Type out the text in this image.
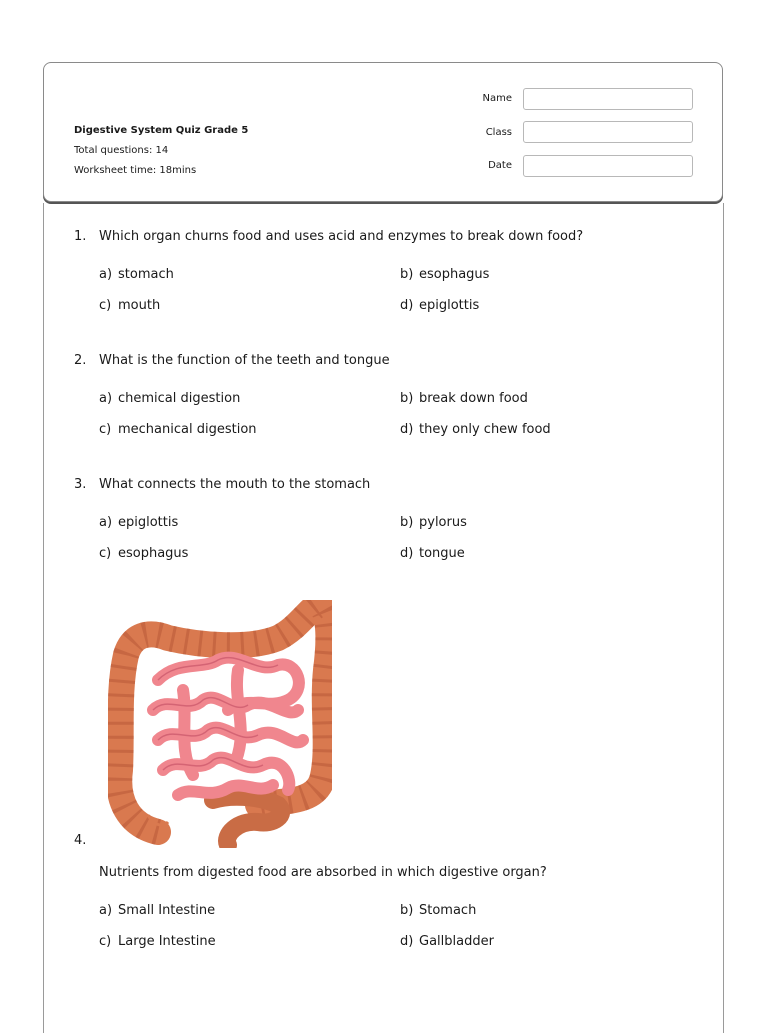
Digestive System Quiz Grade 5
Total questions: 14
Worksheet time: 18mins
Name
Class
Date
1. Which organ churns food and uses acid and enzymes to break down food?
a) stomach	b) esophagus
c) mouth	d) epiglottis
2. What is the function of the teeth and tongue
a) chemical digestion	b) break down food
c) mechanical digestion	d) they only chew food
3. What connects the mouth to the stomach
a) epiglottis	b) pylorus
c) esophagus	d) tongue
4.
Nutrients from digested food are absorbed in which digestive organ?
a) Small Intestine	b) Stomach
c) Large Intestine	d) Gallbladder
